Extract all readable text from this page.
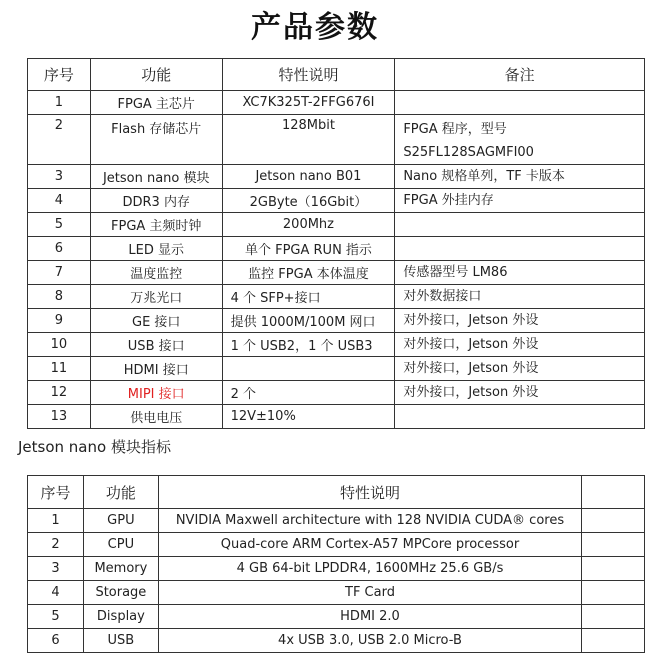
产品参数
序号	功能	特性说明	备注
1	FPGA 主芯片	XC7K325T-2FFG676I	

2	Flash 存储芯片	128Mbit	FPGA 程序，型号
S25FL128SAGMFI00

3	Jetson nano 模块	Jetson nano B01	Nano 规格单列，TF 卡版本

4	DDR3 内存	2GByte（16Gbit）	FPGA 外挂内存

5	FPGA 主频时钟	200Mhz	

6	LED 显示	单个 FPGA RUN 指示	

7	温度监控	监控 FPGA 本体温度	传感器型号 LM86

8	万兆光口	4 个 SFP+接口	对外数据接口

9	GE 接口	提供 1000M/100M 网口	对外接口，Jetson 外设

10	USB 接口	1 个 USB2，1 个 USB3	对外接口，Jetson 外设

11	HDMI 接口		对外接口，Jetson 外设

12	MIPI 接口	2 个	对外接口，Jetson 外设

13	供电电压	12V±10%	
Jetson nano 模块指标
序号	功能	特性说明	
1	GPU	NVIDIA Maxwell architecture with 128 NVIDIA CUDA® cores	
2	CPU	Quad-core ARM Cortex-A57 MPCore processor	
3	Memory	4 GB 64-bit LPDDR4, 1600MHz 25.6 GB/s	
4	Storage	TF Card	
5	Display	HDMI 2.0	
6	USB	4x USB 3.0, USB 2.0 Micro-B	
